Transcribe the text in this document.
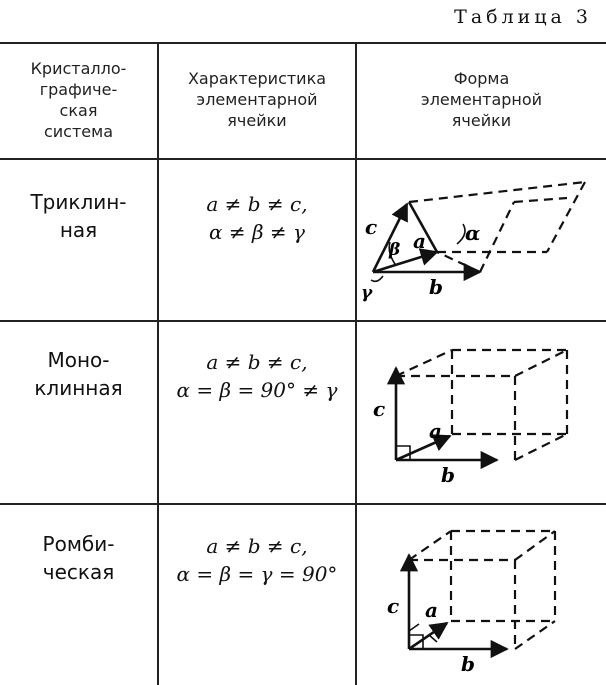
Таблица 3
Кристалло-
графиче-
ская
система
Характеристика
элементарной
ячейки
Форма
элементарной
ячейки
Триклин-
ная
a ≠ b ≠ c,
α ≠ β ≠ γ	c
β a α
γ	b
Моно-
клинная
a ≠ b ≠ c,
α = β = 90° ≠ γ
c
a
b
Ромби-
ческая
a ≠ b ≠ c,
α = β = γ = 90°
c a
b
